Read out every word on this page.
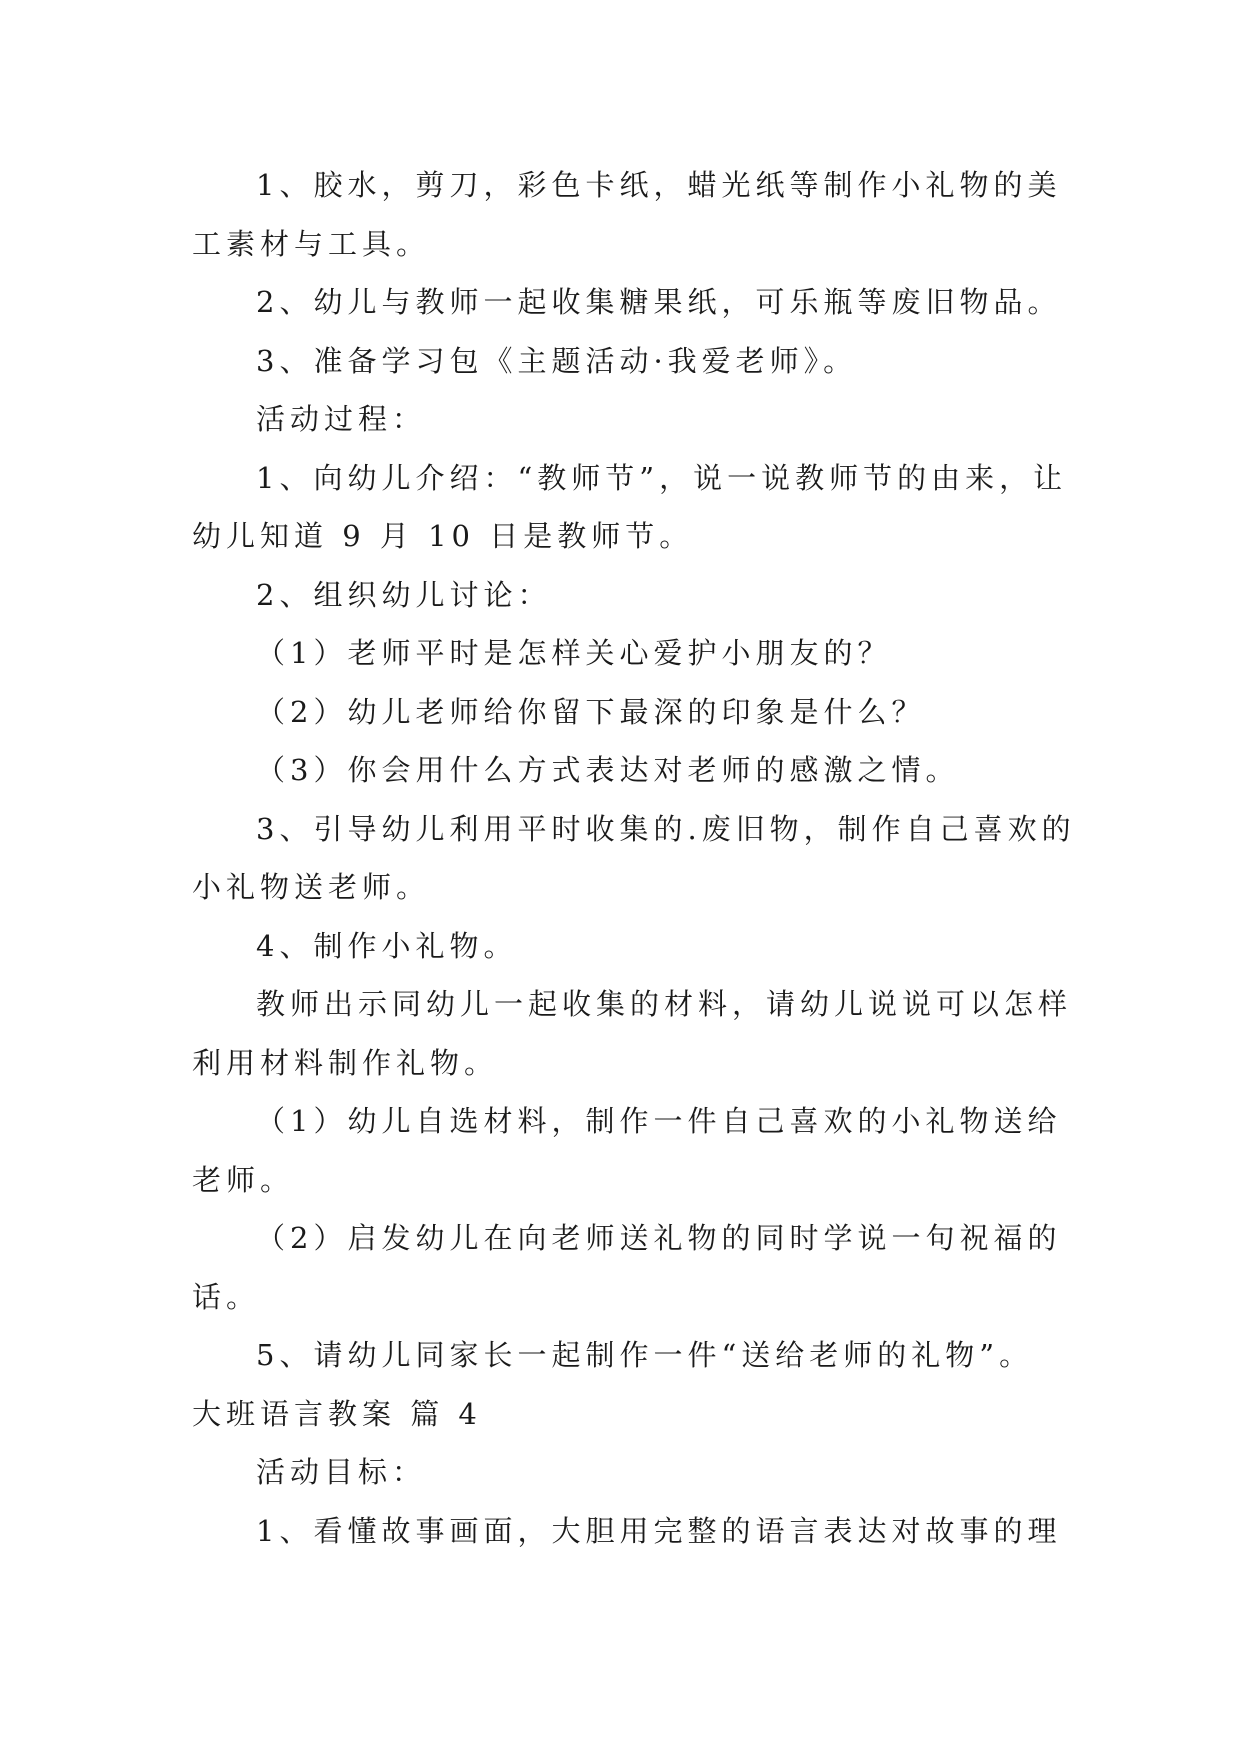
1、胶水，剪刀，彩色卡纸，蜡光纸等制作小礼物的美
工素材与工具。
2、幼儿与教师一起收集糖果纸，可乐瓶等废旧物品。
3、准备学习包《主题活动·我爱老师》。
活动过程：
1、向幼儿介绍：“教师节”，说一说教师节的由来，让
幼儿知道 9 月 10 日是教师节。
2、组织幼儿讨论：
（1）老师平时是怎样关心爱护小朋友的？
（2）幼儿老师给你留下最深的印象是什么？
（3）你会用什么方式表达对老师的感激之情。
3、引导幼儿利用平时收集的.废旧物，制作自己喜欢的
小礼物送老师。
4、制作小礼物。
教师出示同幼儿一起收集的材料，请幼儿说说可以怎样
利用材料制作礼物。
（1）幼儿自选材料，制作一件自己喜欢的小礼物送给
老师。
（2）启发幼儿在向老师送礼物的同时学说一句祝福的
话。
5、请幼儿同家长一起制作一件“送给老师的礼物”。
大班语言教案 篇 4
活动目标：
1、看懂故事画面，大胆用完整的语言表达对故事的理
